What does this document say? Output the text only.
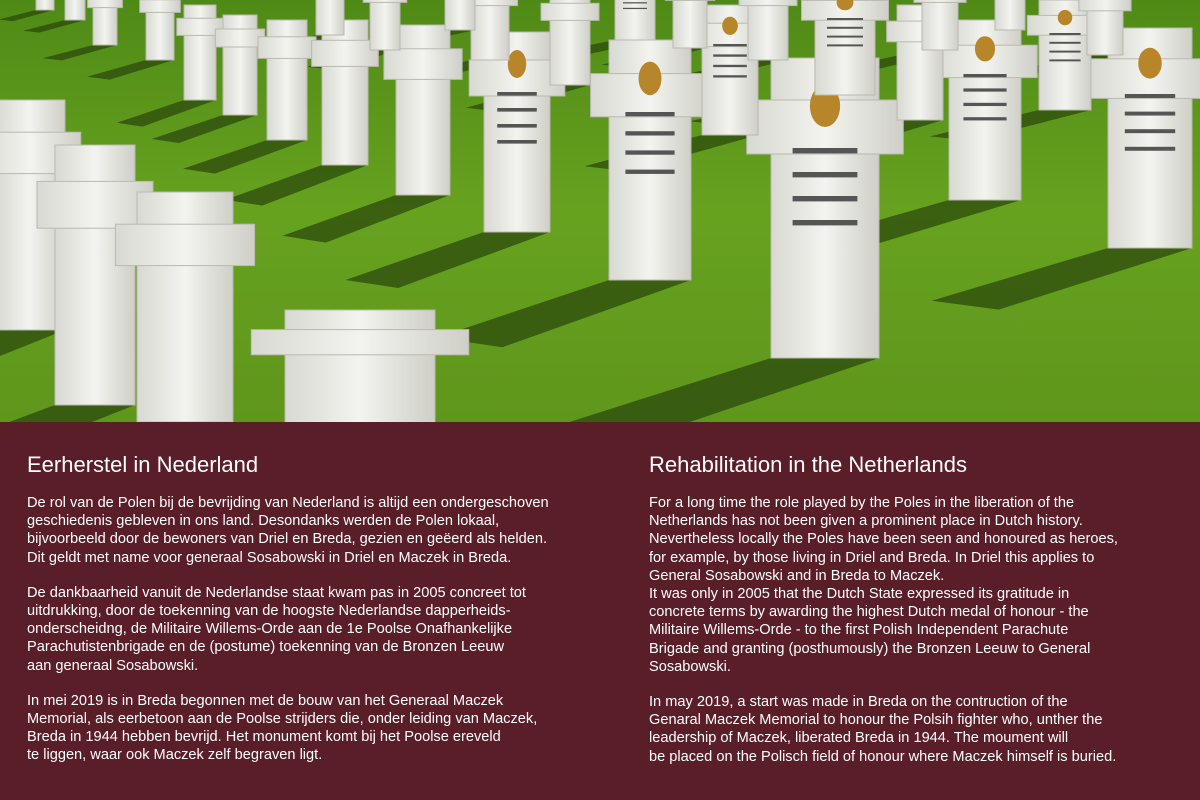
Eerherstel in Nederland

De rol van de Polen bij de bevrijding van Nederland is altijd een ondergeschoven
geschiedenis gebleven in ons land. Desondanks werden de Polen lokaal,
bijvoorbeeld door de bewoners van Driel en Breda, gezien en geëerd als helden.
Dit geldt met name voor generaal Sosabowski in Driel en Maczek in Breda.

De dankbaarheid vanuit de Nederlandse staat kwam pas in 2005 concreet tot
uitdrukking, door de toekenning van de hoogste Nederlandse dapperheids-
onderscheidng, de Militaire Willems-Orde aan de 1e Poolse Onafhankelijke
Parachutistenbrigade en de (postume) toekenning van de Bronzen Leeuw
aan generaal Sosabowski.

In mei 2019 is in Breda begonnen met de bouw van het Generaal Maczek
Memorial, als eerbetoon aan de Poolse strijders die, onder leiding van Maczek,
Breda in 1944 hebben bevrijd. Het monument komt bij het Poolse ereveld
te liggen, waar ook Maczek zelf begraven ligt.

Rehabilitation in the Netherlands

For a long time the role played by the Poles in the liberation of the
Netherlands has not been given a prominent place in Dutch history.
Nevertheless locally the Poles have been seen and honoured as heroes,
for example, by those living in Driel and Breda. In Driel this applies to
General Sosabowski and in Breda to Maczek.

It was only in 2005 that the Dutch State expressed its gratitude in
concrete terms by awarding the highest Dutch medal of honour - the
Militaire Willems-Orde - to the first Polish Independent Parachute
Brigade and granting (posthumously) the Bronzen Leeuw to General
Sosabowski.

In may 2019, a start was made in Breda on the contruction of the
Genaral Maczek Memorial to honour the Polsih fighter who, unther the
leadership of Maczek, liberated Breda in 1944. The moument will
be placed on the Polisch field of honour where Maczek himself is buried.
